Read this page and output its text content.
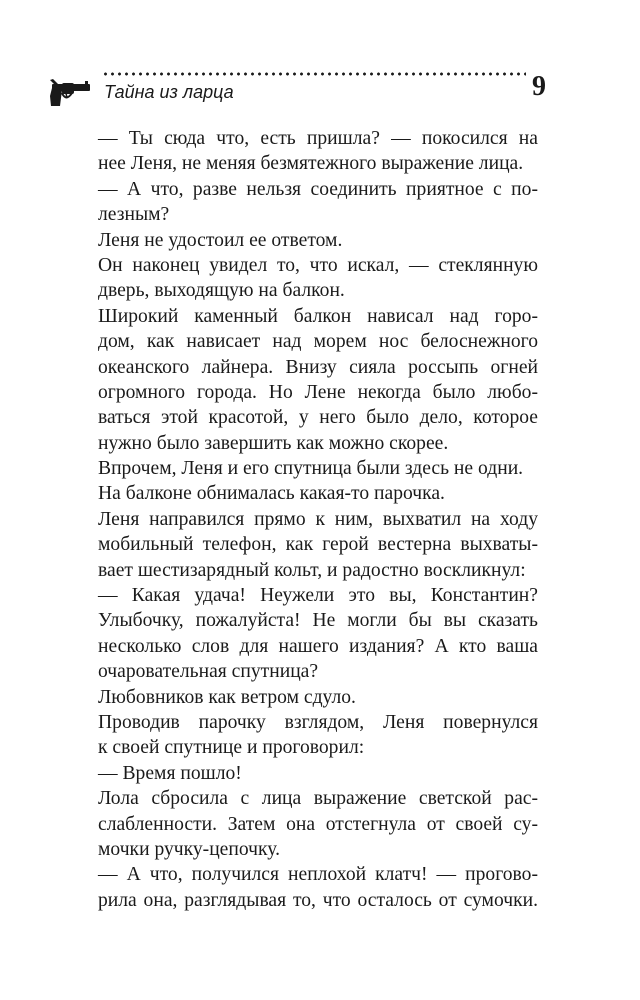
Тайна из ларца	9

— Ты сюда что, есть пришла? — покосился на
нее Леня, не меняя безмятежного выражение лица.

— А что, разве нельзя соединить приятное с по-
лезным?

Леня не удостоил ее ответом.

Он наконец увидел то, что искал, — стеклянную
дверь, выходящую на балкон.

Широкий каменный балкон нависал над горо-
дом, как нависает над морем нос белоснежного
океанского лайнера. Внизу сияла россыпь огней
огромного города. Но Лене некогда было любо-
ваться этой красотой, у него было дело, которое
нужно было завершить как можно скорее.

Впрочем, Леня и его спутница были здесь не одни.

На балконе обнималась какая-то парочка.

Леня направился прямо к ним, выхватил на ходу
мобильный телефон, как герой вестерна выхваты-
вает шестизарядный кольт, и радостно воскликнул:

— Какая удача! Неужели это вы, Константин?
Улыбочку, пожалуйста! Не могли бы вы сказать
несколько слов для нашего издания? А кто ваша
очаровательная спутница?

Любовников как ветром сдуло.

Проводив парочку взглядом, Леня повернулся
к своей спутнице и проговорил:

— Время пошло!

Лола сбросила с лица выражение светской рас-
слабленности. Затем она отстегнула от своей су-
мочки ручку-цепочку.

— А что, получился неплохой клатч! — прогово-
рила она, разглядывая то, что осталось от сумочки.
